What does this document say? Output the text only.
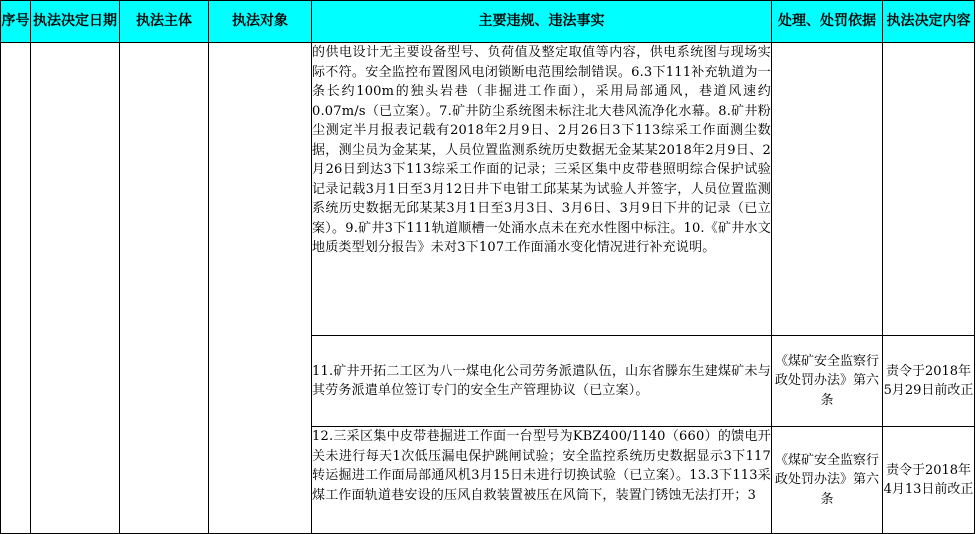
序号	执法决定日期	执法主体	执法对象	主要违规、违法事实	处理、处罚依据	执法决定内容

				的供电设计无主要设备型号、负荷值及整定取值等内容，供电系统图与现场实际不符。安全监控布置图风电闭锁断电范围绘制错误。6.3下111补充轨道为一条长约100m的独头岩巷（非掘进工作面），采用局部通风，巷道风速约0.07m/s（已立案）。7.矿井防尘系统图未标注北大巷风流净化水幕。8.矿井粉尘测定半月报表记载有2018年2月9日、2月26日3下113综采工作面测尘数据，测尘员为金某某，人员位置监测系统历史数据无金某某2018年2月9日、2月26日到达3下113综采工作面的记录；三采区集中皮带巷照明综合保护试验记录记载3月1日至3月12日井下电钳工邱某某为试验人并签字，人员位置监测系统历史数据无邱某某3月1日至3月3日、3月6日、3月9日下井的记录（已立案）。9.矿井3下111轨道顺槽一处涌水点未在充水性图中标注。10.《矿井水文地质类型划分报告》未对3下107工作面涌水变化情况进行补充说明。		
				11.矿井开拓二工区为八一煤电化公司劳务派遣队伍，山东省滕东生建煤矿未与其劳务派遣单位签订专门的安全生产管理协议（已立案）。	《煤矿安全监察行政处罚办法》第六条	责令于2018年5月29日前改正
				12.三采区集中皮带巷掘进工作面一台型号为KBZ400/1140（660）的馈电开关未进行每天1次低压漏电保护跳闸试验；安全监控系统历史数据显示3下117转运掘进工作面局部通风机3月15日未进行切换试验（已立案）。13.3下113采煤工作面轨道巷安设的压风自救装置被压在风筒下，装置门锈蚀无法打开；3	《煤矿安全监察行政处罚办法》第六条	责令于2018年4月13日前改正
